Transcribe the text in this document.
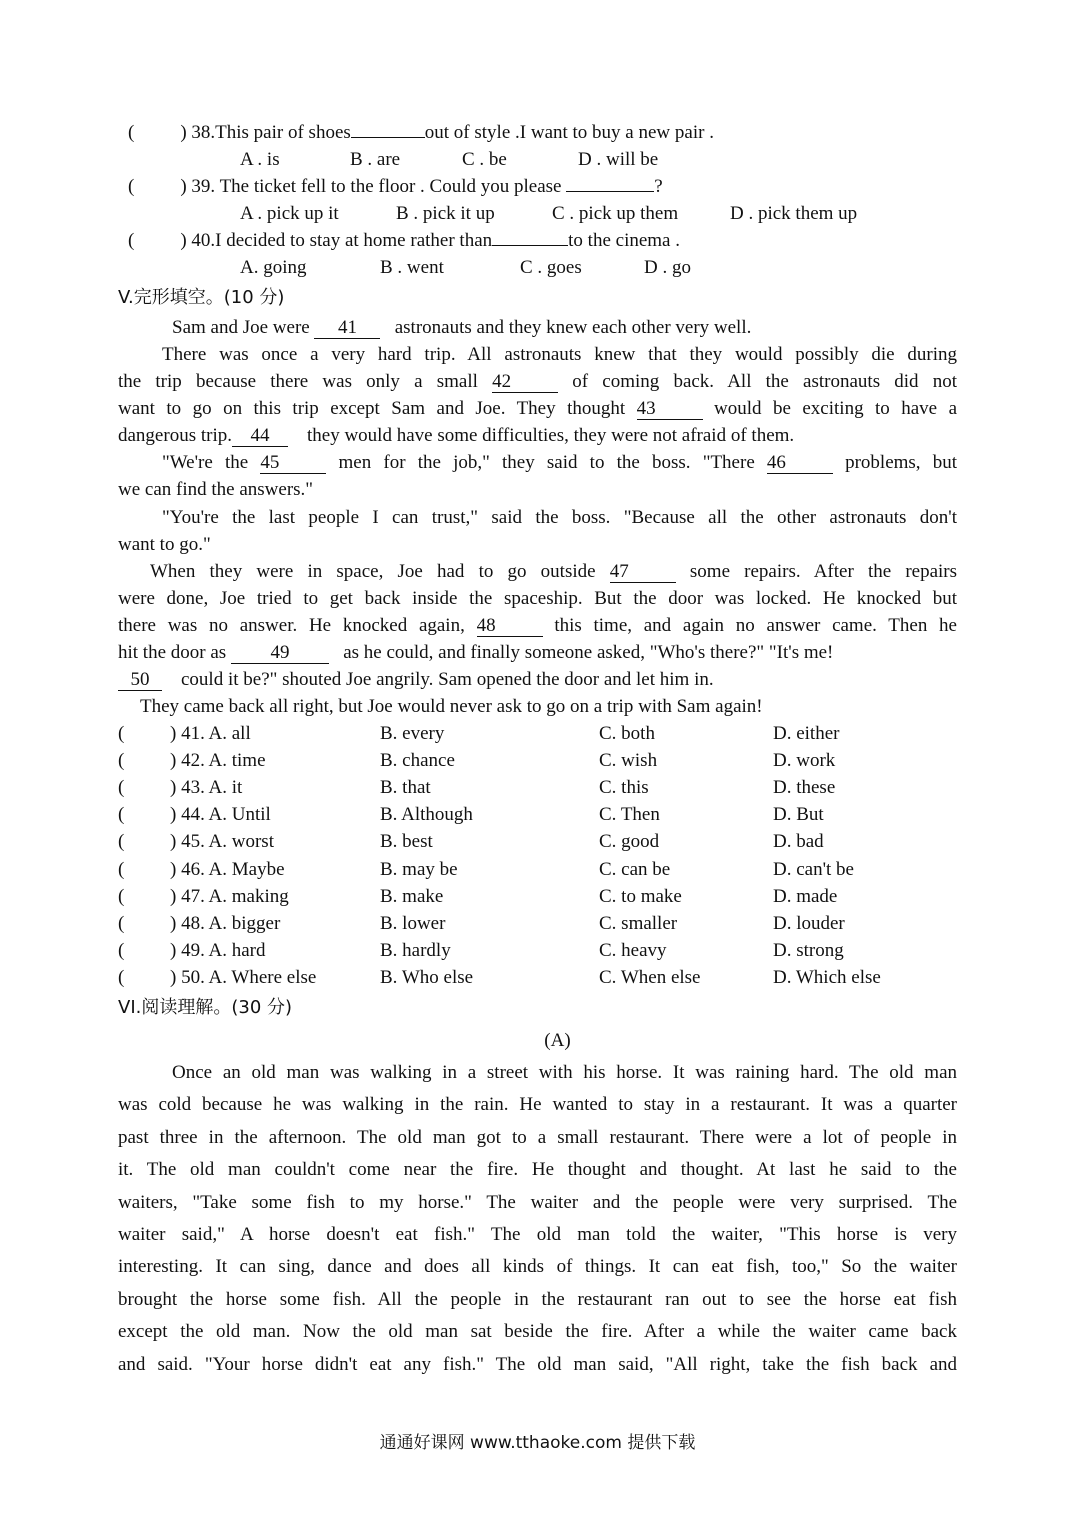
( ) 38.This pair of shoes	out of style .I want to buy a new pair .
A . is	B . are	C . be	D . will be
( ) 39. The ticket fell to the floor . Could you please	?
A . pick up it	B . pick it up	C . pick up them	D . pick them up
( ) 40.I decided to stay at home rather than	to the cinema .
A. going	B . went	C . goes	D . go
V.完形填空。(10 分)
Sam and Joe were 41   astronauts and they knew each other very well.
There was once a very hard trip. All astronauts knew that they would possibly die during
the trip because there was only a small 42	of coming back. All the astronauts did not
want to go on this trip except Sam and Joe. They thought 43	would be exciting to have a
dangerous trip. 44    they would have some difficulties, they were not afraid of them.
"We're the 45	men for the job," they said to the boss. "There 46	problems, but
we can find the answers."
"You're the last people I can trust," said the boss. "Because all the other astronauts don't
want to go."
When they were in space, Joe had to go outside 47	some repairs. After the repairs
were done, Joe tried to get back inside the spaceship. But the door was locked. He knocked but
there was no answer. He knocked again, 48	this time, and again no answer came. Then he
hit the door as 49	as he could, and finally someone asked, "Who's there?" "It's me!
50    could it be?" shouted Joe angrily. Sam opened the door and let him in.
They came back all right, but Joe would never ask to go on a trip with Sam again!
( ) 41. A. all	B. every	C. both	D. either
( ) 42. A. time	B. chance	C. wish	D. work
( ) 43. A. it	B. that	C. this	D. these
( ) 44. A. Until	B. Although	C. Then	D. But
( ) 45. A. worst	B. best	C. good	D. bad
( ) 46. A. Maybe	B. may be	C. can be	D. can't be
( ) 47. A. making	B. make	C. to make	D. made
( ) 48. A. bigger	B. lower	C. smaller	D. louder
( ) 49. A. hard	B. hardly	C. heavy	D. strong
( ) 50. A. Where else	B. Who else	C. When else	D. Which else
VI.阅读理解。(30 分)
(A)
Once an old man was walking in a street with his horse. It was raining hard. The old man
was cold because he was walking in the rain. He wanted to stay in a restaurant. It was a quarter
past three in the afternoon. The old man got to a small restaurant. There were a lot of people in
it. The old man couldn't come near the fire. He thought and thought. At last he said to the
waiters, "Take some fish to my horse." The waiter and the people were very surprised. The
waiter said," A horse doesn't eat fish." The old man told the waiter, "This horse is very
interesting. It can sing, dance and does all kinds of things. It can eat fish, too," So the waiter
brought the horse some fish. All the people in the restaurant ran out to see the horse eat fish
except the old man. Now the old man sat beside the fire. After a while the waiter came back
and said. "Your horse didn't eat any fish." The old man said, "All right, take the fish back and
通通好课网 www.tthaoke.com 提供下载
